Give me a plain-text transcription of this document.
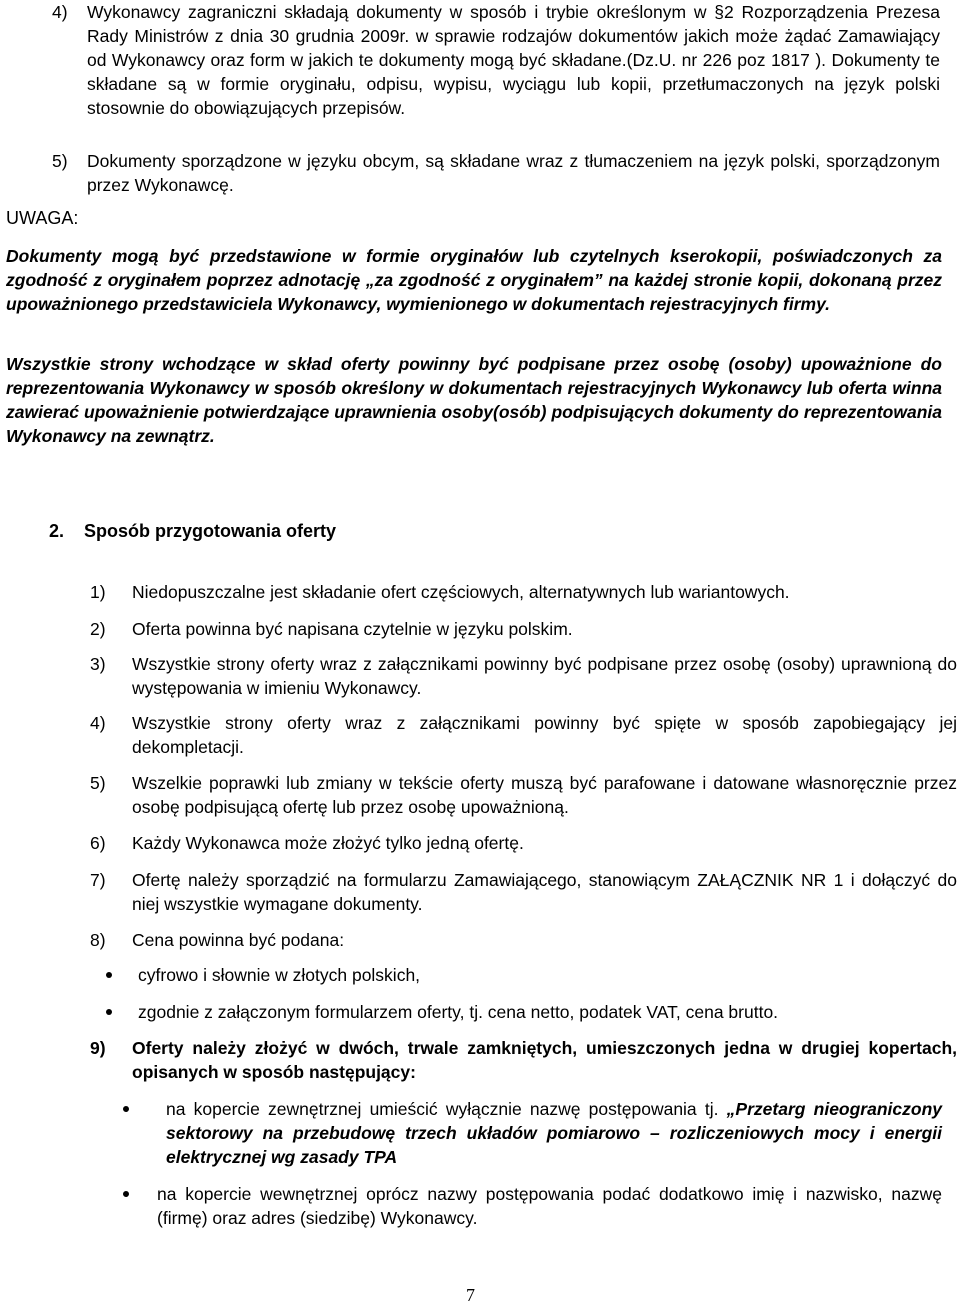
4) Wykonawcy zagraniczni składają dokumenty w sposób i trybie określonym w §2 Rozporządzenia Prezesa Rady Ministrów z dnia 30 grudnia 2009r. w sprawie rodzajów dokumentów jakich może żądać Zamawiający od Wykonawcy oraz form w jakich te dokumenty mogą być składane.(Dz.U. nr 226 poz 1817 ). Dokumenty te składane są w formie oryginału, odpisu, wypisu, wyciągu lub kopii, przetłumaczonych na język polski stosownie do obowiązujących przepisów.
5) Dokumenty sporządzone w języku obcym, są składane wraz z tłumaczeniem na język polski, sporządzonym przez Wykonawcę.
UWAGA:
Dokumenty mogą być przedstawione w formie oryginałów lub czytelnych kserokopii, poświadczonych za zgodność z oryginałem poprzez adnotację „za zgodność z oryginałem” na każdej stronie kopii, dokonaną przez upoważnionego przedstawiciela Wykonawcy, wymienionego w dokumentach rejestracyjnych firmy.
Wszystkie strony wchodzące w skład oferty powinny być podpisane przez osobę (osoby) upoważnione do reprezentowania Wykonawcy w sposób określony w dokumentach rejestracyjnych Wykonawcy lub oferta winna zawierać upoważnienie potwierdzające uprawnienia osoby(osób) podpisujących dokumenty do reprezentowania Wykonawcy na zewnątrz.
2. Sposób przygotowania oferty
1) Niedopuszczalne jest składanie ofert częściowych, alternatywnych lub wariantowych.
2) Oferta powinna być napisana czytelnie w języku polskim.
3) Wszystkie strony oferty wraz z załącznikami powinny być podpisane przez osobę (osoby) uprawnioną do występowania w imieniu Wykonawcy.
4) Wszystkie strony oferty wraz z załącznikami powinny być spięte w sposób zapobiegający jej dekompletacji.
5) Wszelkie poprawki lub zmiany w tekście oferty muszą być parafowane i datowane własnoręcznie przez osobę podpisującą ofertę lub przez osobę upoważnioną.
6) Każdy Wykonawca może złożyć tylko jedną ofertę.
7) Ofertę należy sporządzić na formularzu Zamawiającego, stanowiącym ZAŁĄCZNIK NR 1 i dołączyć do niej wszystkie wymagane dokumenty.
8) Cena powinna być podana:
cyfrowo i słownie w złotych polskich,
zgodnie z załączonym formularzem oferty, tj. cena netto, podatek VAT, cena brutto.
9) Oferty należy złożyć w dwóch, trwale zamkniętych, umieszczonych jedna w drugiej kopertach, opisanych w sposób następujący:
na kopercie zewnętrznej umieścić wyłącznie nazwę postępowania tj. „Przetarg nieograniczony sektorowy na przebudowę trzech układów pomiarowo – rozliczeniowych mocy i energii elektrycznej wg zasady TPA
na kopercie wewnętrznej oprócz nazwy postępowania podać dodatkowo imię i nazwisko, nazwę (firmę) oraz adres (siedzibę) Wykonawcy.
7
